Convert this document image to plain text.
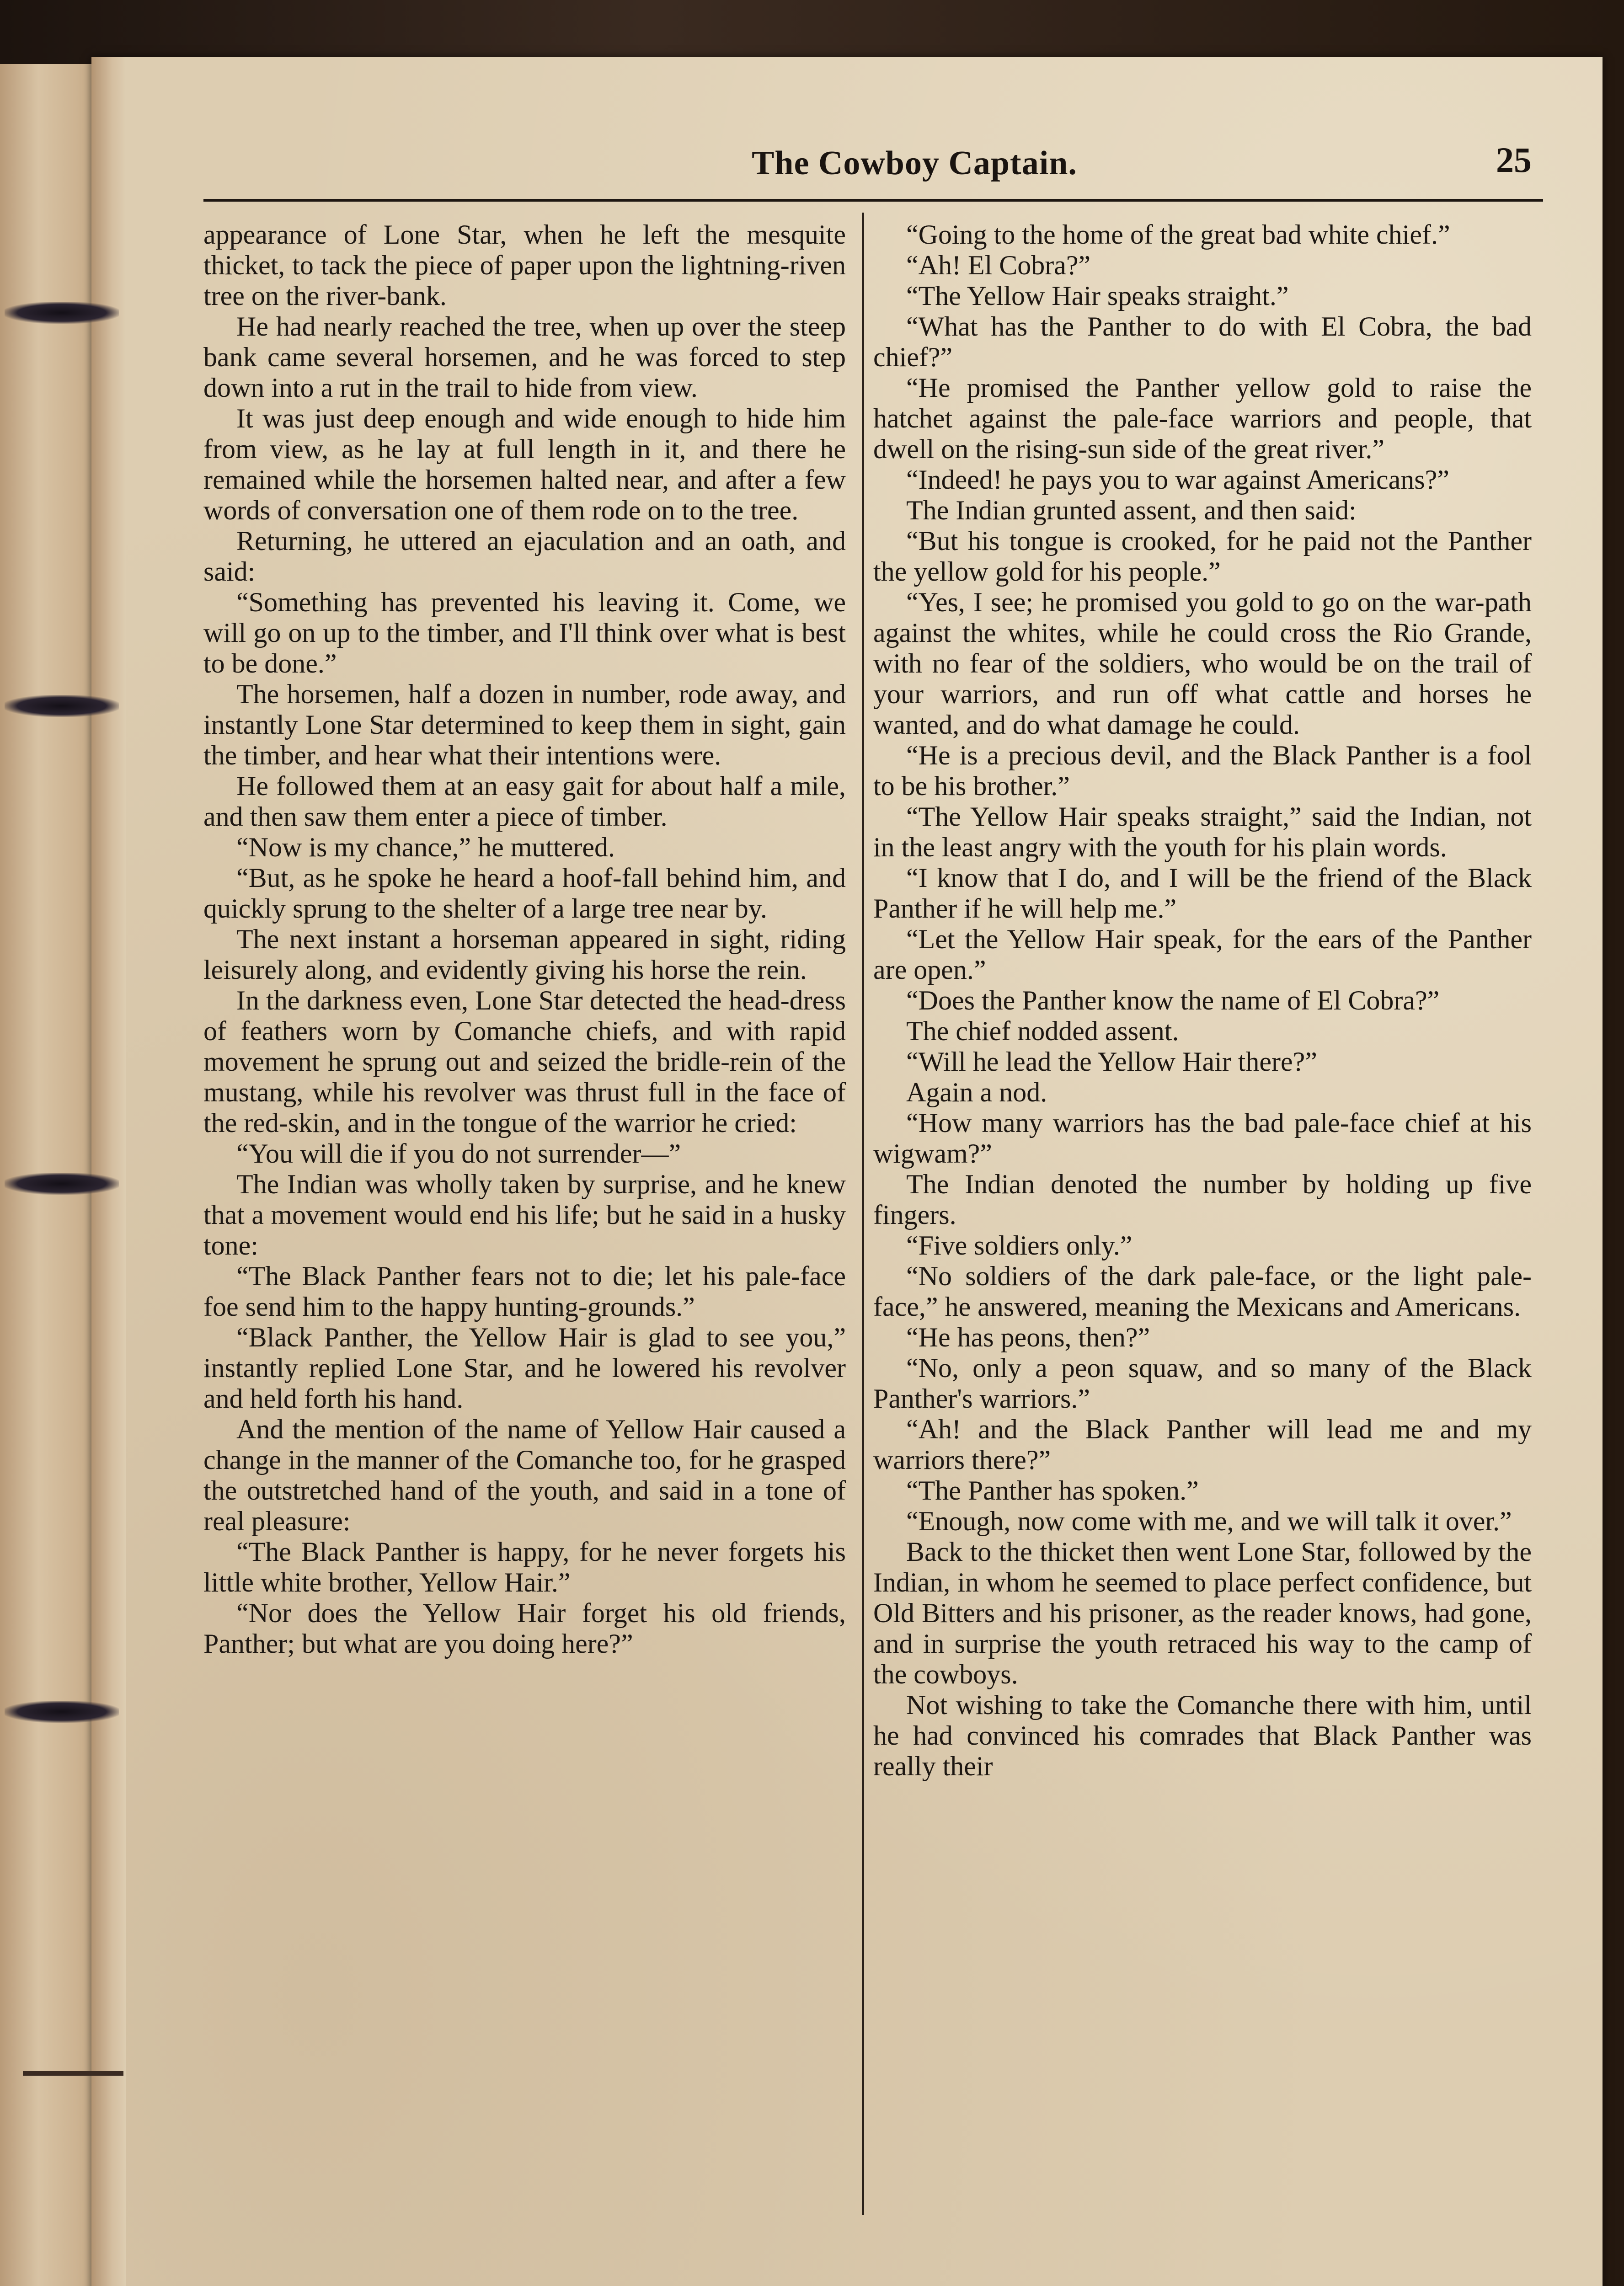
The Cowboy Captain.	25

appearance of Lone Star, when he left the mesquite thicket, to tack the piece of paper upon the lightning-riven tree on the river-bank.

He had nearly reached the tree, when up over the steep bank came several horsemen, and he was forced to step down into a rut in the trail to hide from view.

It was just deep enough and wide enough to hide him from view, as he lay at full length in it, and there he remained while the horsemen halted near, and after a few words of conversation one of them rode on to the tree.

Returning, he uttered an ejaculation and an oath, and said:

“Something has prevented his leaving it. Come, we will go on up to the timber, and I'll think over what is best to be done.”

The horsemen, half a dozen in number, rode away, and instantly Lone Star determined to keep them in sight, gain the timber, and hear what their intentions were.

He followed them at an easy gait for about half a mile, and then saw them enter a piece of timber.

“Now is my chance,” he muttered.

“But, as he spoke he heard a hoof-fall behind him, and quickly sprung to the shelter of a large tree near by.

The next instant a horseman appeared in sight, riding leisurely along, and evidently giving his horse the rein.

In the darkness even, Lone Star detected the head-dress of feathers worn by Comanche chiefs, and with rapid movement he sprung out and seized the bridle-rein of the mustang, while his revolver was thrust full in the face of the red-skin, and in the tongue of the warrior he cried:

“You will die if you do not surrender—”

The Indian was wholly taken by surprise, and he knew that a movement would end his life; but he said in a husky tone:

“The Black Panther fears not to die; let his pale-face foe send him to the happy hunting-grounds.”

“Black Panther, the Yellow Hair is glad to see you,” instantly replied Lone Star, and he lowered his revolver and held forth his hand.

And the mention of the name of Yellow Hair caused a change in the manner of the Comanche too, for he grasped the outstretched hand of the youth, and said in a tone of real pleasure:

“The Black Panther is happy, for he never forgets his little white brother, Yellow Hair.”

“Nor does the Yellow Hair forget his old friends, Panther; but what are you doing here?”

“Going to the home of the great bad white chief.”

“Ah! El Cobra?”

“The Yellow Hair speaks straight.”

“What has the Panther to do with El Cobra, the bad chief?”

“He promised the Panther yellow gold to raise the hatchet against the pale-face warriors and people, that dwell on the rising-sun side of the great river.”

“Indeed! he pays you to war against Americans?”

The Indian grunted assent, and then said:

“But his tongue is crooked, for he paid not the Panther the yellow gold for his people.”

“Yes, I see; he promised you gold to go on the war-path against the whites, while he could cross the Rio Grande, with no fear of the soldiers, who would be on the trail of your warriors, and run off what cattle and horses he wanted, and do what damage he could.

“He is a precious devil, and the Black Panther is a fool to be his brother.”

“The Yellow Hair speaks straight,” said the Indian, not in the least angry with the youth for his plain words.

“I know that I do, and I will be the friend of the Black Panther if he will help me.”

“Let the Yellow Hair speak, for the ears of the Panther are open.”

“Does the Panther know the name of El Cobra?”

The chief nodded assent.

“Will he lead the Yellow Hair there?”

Again a nod.

“How many warriors has the bad pale-face chief at his wigwam?”

The Indian denoted the number by holding up five fingers.

“Five soldiers only.”

“No soldiers of the dark pale-face, or the light pale-face,” he answered, meaning the Mexicans and Americans.

“He has peons, then?”

“No, only a peon squaw, and so many of the Black Panther's warriors.”

“Ah! and the Black Panther will lead me and my warriors there?”

“The Panther has spoken.”

“Enough, now come with me, and we will talk it over.”

Back to the thicket then went Lone Star, followed by the Indian, in whom he seemed to place perfect confidence, but Old Bitters and his prisoner, as the reader knows, had gone, and in surprise the youth retraced his way to the camp of the cowboys.

Not wishing to take the Comanche there with him, until he had convinced his comrades that Black Panther was really their
